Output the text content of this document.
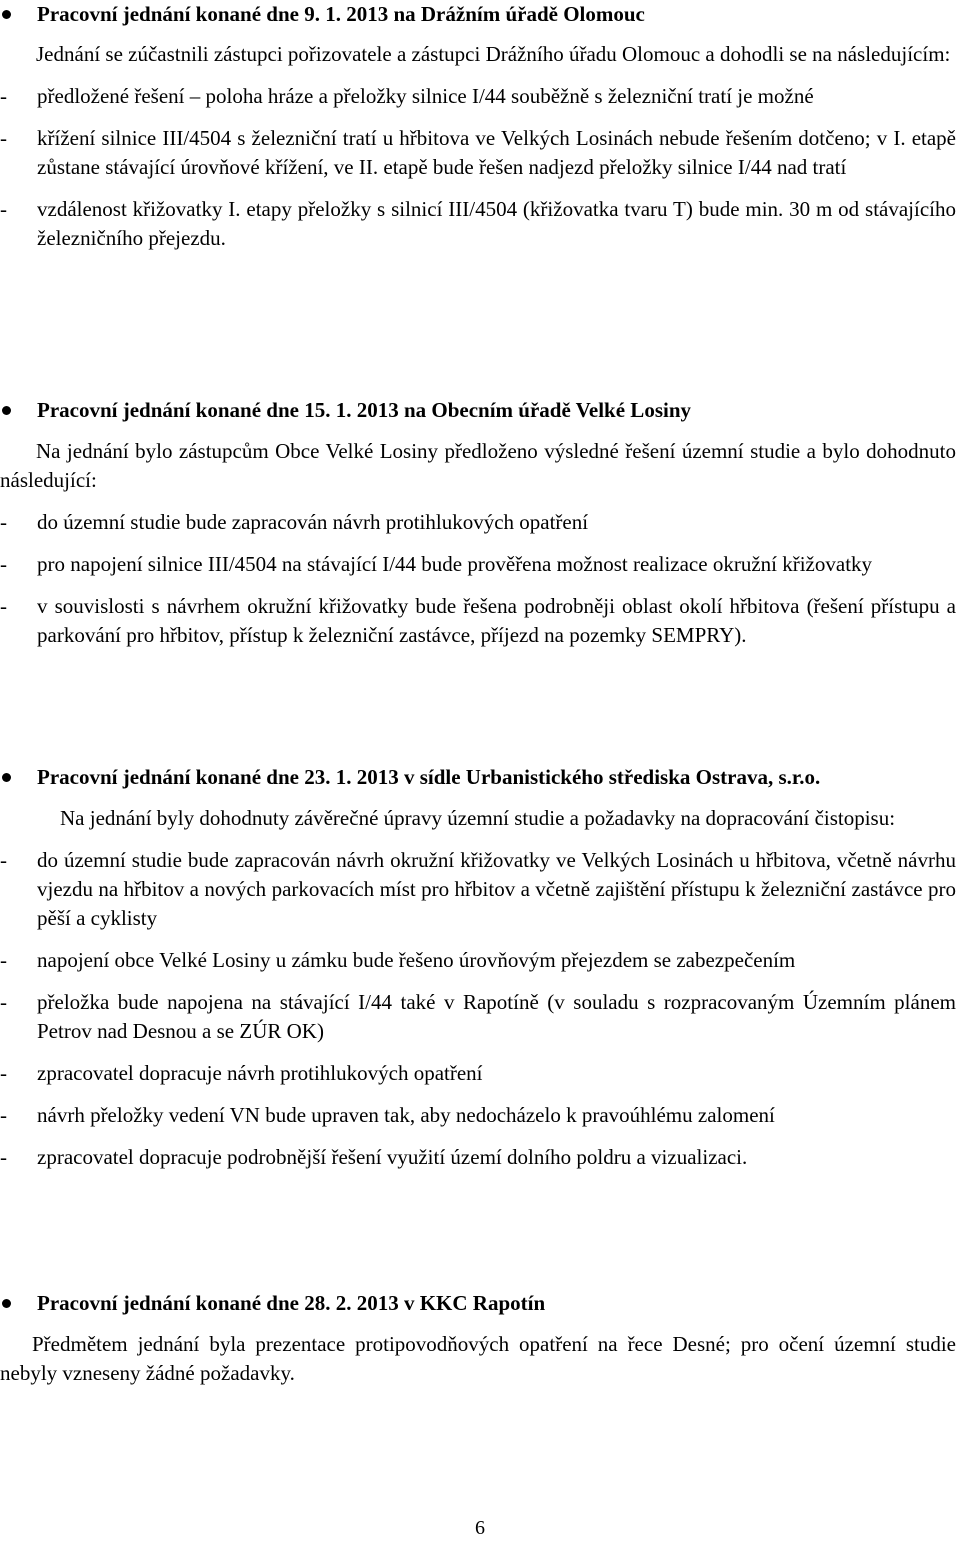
Pracovní jednání konané dne 9. 1. 2013 na Drážním úřadě Olomouc

Jednání se zúčastnili zástupci pořizovatele a zástupci Drážního úřadu Olomouc a dohodli se na následujícím:

- předložené řešení – poloha hráze a přeložky silnice I/44 souběžně s železniční tratí je možné
- křížení silnice III/4504 s železniční tratí u hřbitova ve Velkých Losinách nebude řešením dotčeno; v I. etapě zůstane stávající úrovňové křížení, ve II. etapě bude řešen nadjezd přeložky silnice I/44 nad tratí
- vzdálenost křižovatky I. etapy přeložky s silnicí III/4504 (křižovatka tvaru T) bude min. 30 m od stávajícího železničního přejezdu.
Pracovní jednání konané dne 15. 1. 2013 na Obecním úřadě Velké Losiny

Na jednání bylo zástupcům Obce Velké Losiny předloženo výsledné řešení územní studie a bylo dohodnuto následující:

- do územní studie bude zapracován návrh protihlukových opatření
- pro napojení silnice III/4504 na stávající I/44 bude prověřena možnost realizace okružní křižovatky
- v souvislosti s návrhem okružní křižovatky bude řešena podrobněji oblast okolí hřbitova (řešení přístupu a parkování pro hřbitov, přístup k železniční zastávce, příjezd na pozemky SEMPRY).
Pracovní jednání konané dne 23. 1. 2013 v sídle Urbanistického střediska Ostrava, s.r.o.

Na jednání byly dohodnuty závěrečné úpravy územní studie a požadavky na dopracování čistopisu:

- do územní studie bude zapracován návrh okružní křižovatky ve Velkých Losinách u hřbitova, včetně návrhu vjezdu na hřbitov a nových parkovacích míst pro hřbitov a včetně zajištění přístupu k železniční zastávce pro pěší a cyklisty
- napojení obce Velké Losiny u zámku bude řešeno úrovňovým přejezdem se zabezpečením
- přeložka bude napojena na stávající I/44 také v Rapotíně (v souladu s rozpracovaným Územním plánem Petrov nad Desnou a se ZÚR OK)
- zpracovatel dopracuje návrh protihlukových opatření
- návrh přeložky vedení VN bude upraven tak, aby nedocházelo k pravoúhlému zalomení
- zpracovatel dopracuje podrobnější řešení využití území dolního poldru a vizualizaci.
Pracovní jednání konané dne 28. 2. 2013 v KKC Rapotín

Předmětem jednání byla prezentace protipovodňových opatření na řece Desné; pro očení územní studie nebyly vzneseny žádné požadavky.

6
